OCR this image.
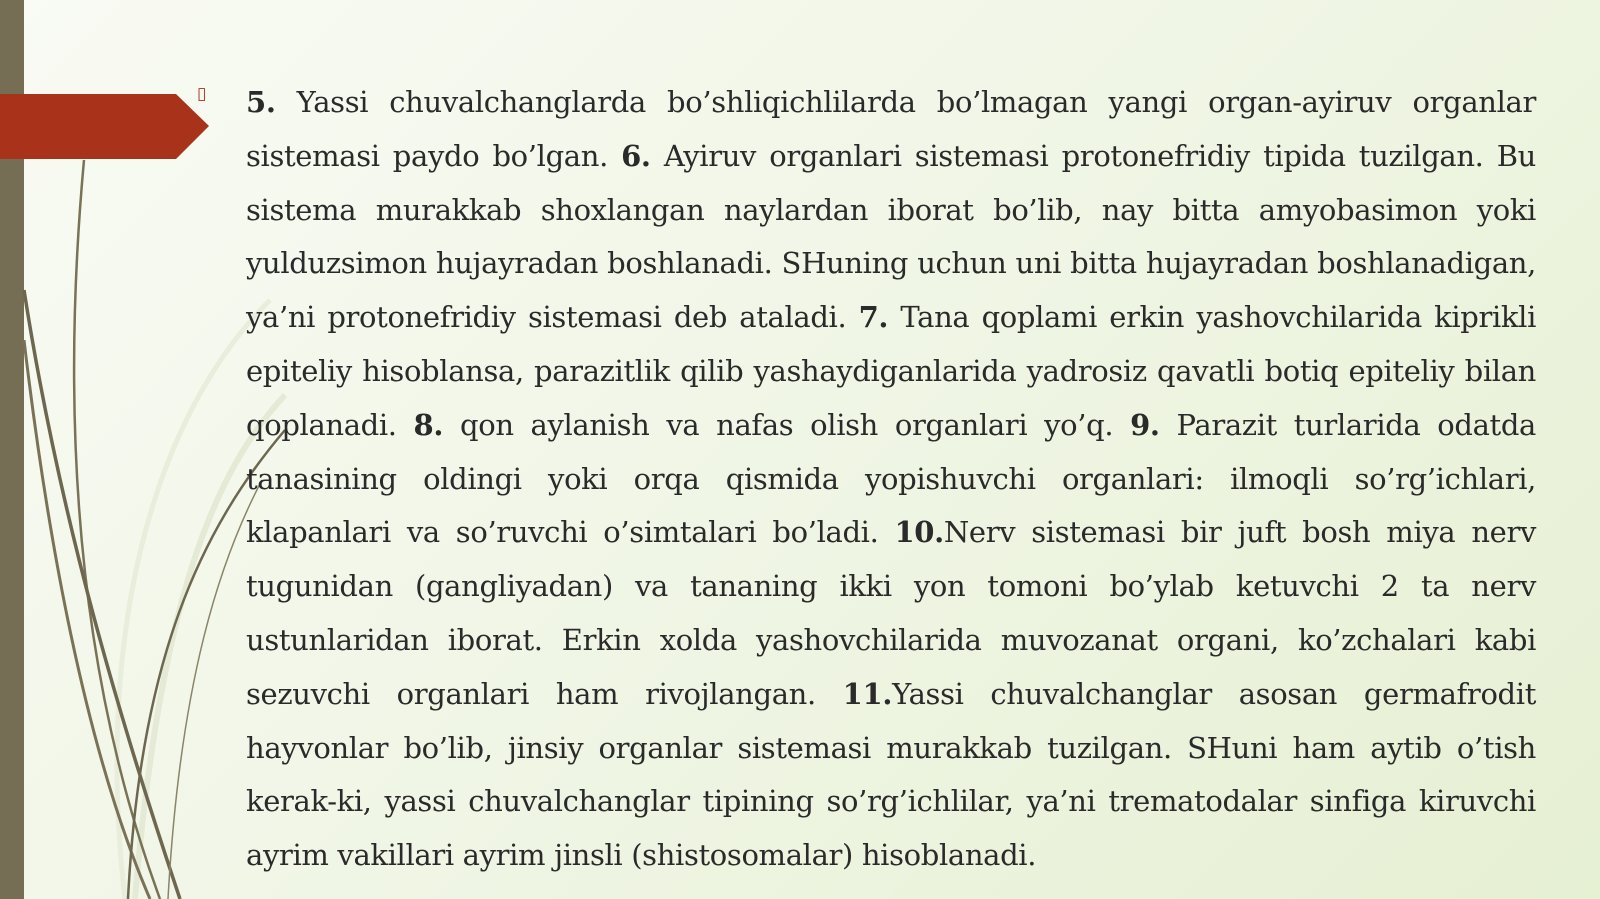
▯ 5. Yassi chuvalchanglarda bo’shliqichlilarda bo’lmagan yangi organ-ayiruv organlar sistemasi paydo bo’lgan. 6. Ayiruv organlari sistemasi protonefridiy tipida tuzilgan. Bu sistema murakkab shoxlangan naylardan iborat bo’lib, nay bitta amyobasimon yoki yulduzsimon hujayradan boshlanadi. SHuning uchun uni bitta hujayradan boshlanadigan, ya’ni protonefridiy sistemasi deb ataladi. 7. Tana qoplami erkin yashovchilarida kiprikli epiteliy hisoblansa, parazitlik qilib yashaydiganlarida yadrosiz qavatli botiq epiteliy bilan qoplanadi. 8. qon aylanish va nafas olish organlari yo’q. 9. Parazit turlarida odatda tanasining oldingi yoki orqa qismida yopishuvchi organlari: ilmoqli so’rg’ichlari, klapanlari va so’ruvchi o’simtalari bo’ladi. 10.Nerv sistemasi bir juft bosh miya nerv tugunidan (gangliyadan) va tananing ikki yon tomoni bo’ylab ketuvchi 2 ta nerv ustunlaridan iborat. Erkin xolda yashovchilarida muvozanat organi, ko’zchalari kabi sezuvchi organlari ham rivojlangan. 11.Yassi chuvalchanglar asosan germafrodit hayvonlar bo’lib, jinsiy organlar sistemasi murakkab tuzilgan. SHuni ham aytib o’tish kerak-ki, yassi chuvalchanglar tipining so’rg’ichlilar, ya’ni trematodalar sinfiga kiruvchi ayrim vakillari ayrim jinsli (shistosomalar) hisoblanadi.
